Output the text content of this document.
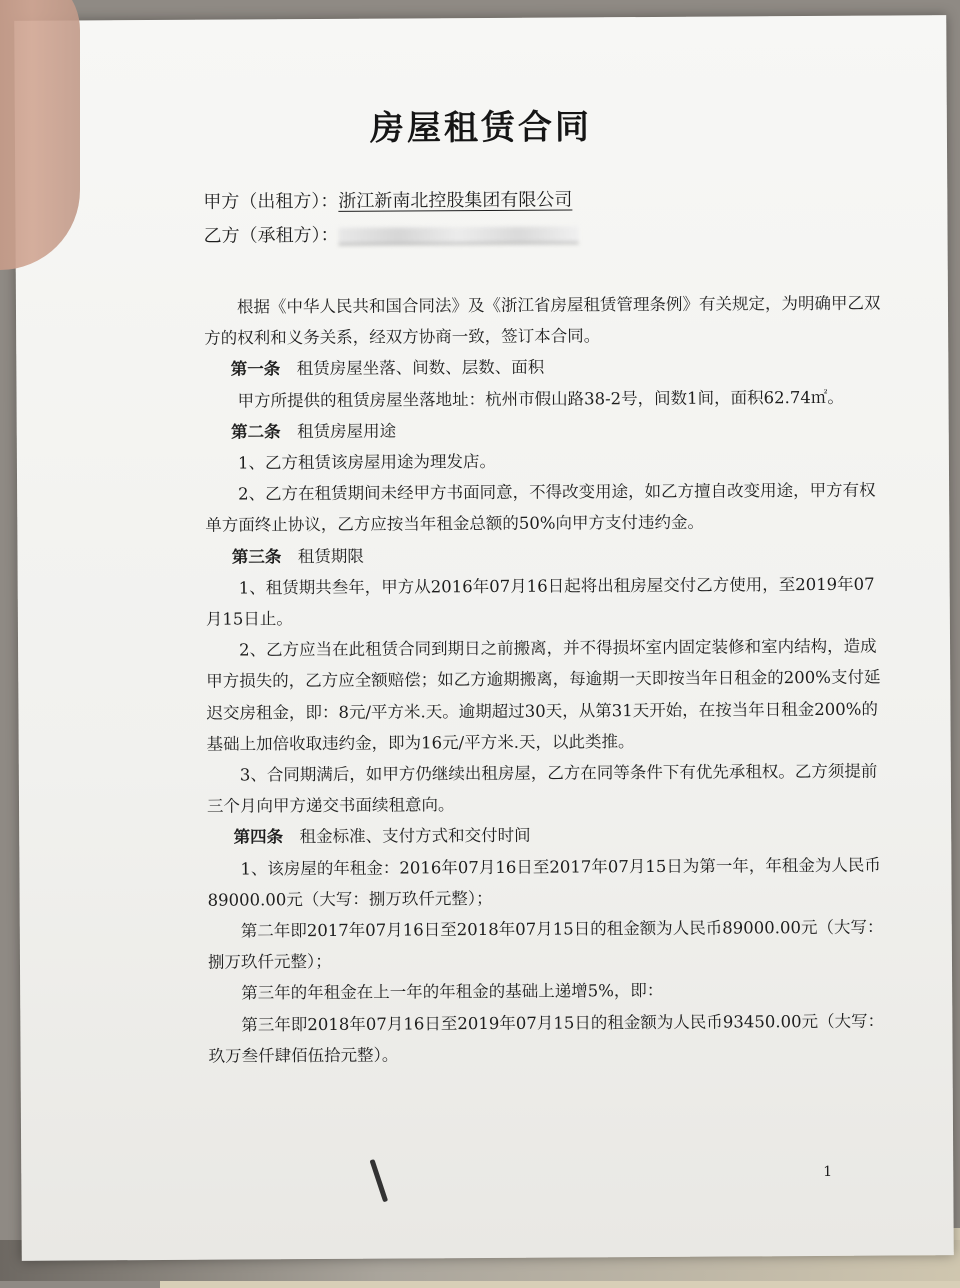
房屋租赁合同
甲方（出租方）：浙江新南北控股集团有限公司
乙方（承租方）：

根据《中华人民共和国合同法》及《浙江省房屋租赁管理条例》有关规定，为明确甲乙双方的权利和义务关系，经双方协商一致，签订本合同。

第一条 租赁房屋坐落、间数、层数、面积

甲方所提供的租赁房屋坐落地址：杭州市假山路38-2号，间数1间，面积62.74㎡。

第二条 租赁房屋用途

1、乙方租赁该房屋用途为理发店。

2、乙方在租赁期间未经甲方书面同意，不得改变用途，如乙方擅自改变用途，甲方有权单方面终止协议，乙方应按当年租金总额的50%向甲方支付违约金。

第三条 租赁期限

1、租赁期共叁年，甲方从2016年07月16日起将出租房屋交付乙方使用，至2019年07月15日止。

2、乙方应当在此租赁合同到期日之前搬离，并不得损坏室内固定装修和室内结构，造成甲方损失的，乙方应全额赔偿；如乙方逾期搬离，每逾期一天即按当年日租金的200%支付延迟交房租金，即：8元/平方米.天。逾期超过30天，从第31天开始，在按当年日租金200%的基础上加倍收取违约金，即为16元/平方米.天，以此类推。

3、合同期满后，如甲方仍继续出租房屋，乙方在同等条件下有优先承租权。乙方须提前三个月向甲方递交书面续租意向。

第四条 租金标准、支付方式和交付时间

1、该房屋的年租金：2016年07月16日至2017年07月15日为第一年，年租金为人民币89000.00元（大写：捌万玖仟元整）；

第二年即2017年07月16日至2018年07月15日的租金额为人民币89000.00元（大写：捌万玖仟元整）；

第三年的年租金在上一年的年租金的基础上递增5%，即：

第三年即2018年07月16日至2019年07月15日的租金额为人民币93450.00元（大写：玖万叁仟肆佰伍拾元整）。

1
